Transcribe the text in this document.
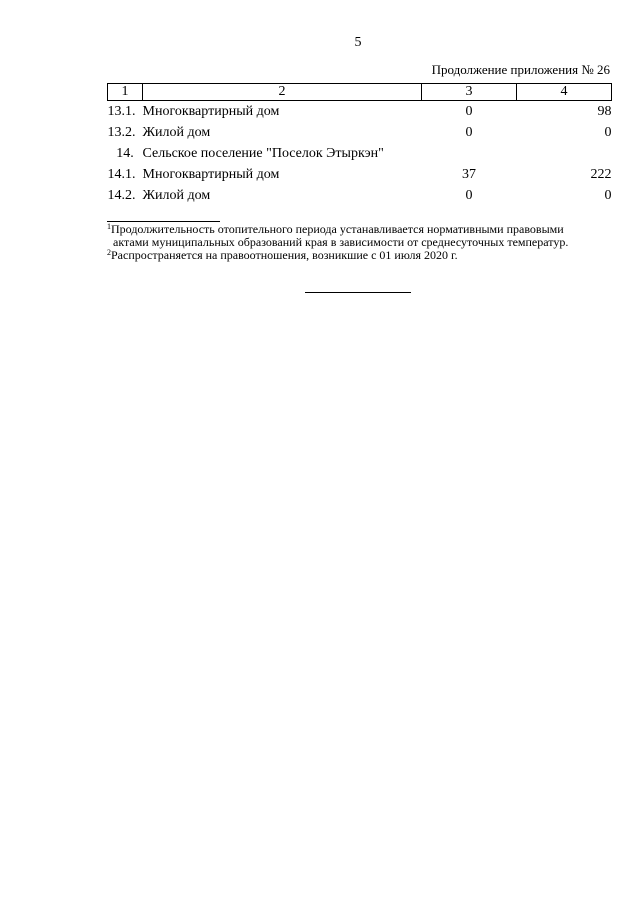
5
Продолжение приложения № 26
1	2	3	4
13.1.	Многоквартирный дом	0	98
13.2.	Жилой дом	0	0
14.	Сельское поселение "Поселок Этыркэн"		
14.1.	Многоквартирный дом	37	222
14.2.	Жилой дом	0	0

$^1$Продолжительность отопительного периода устанавливается нормативными правовыми

актами муниципальных образований края в зависимости от среднесуточных температур.

$^2$Распространяется на правоотношения, возникшие с 01 июля 2020 г.
